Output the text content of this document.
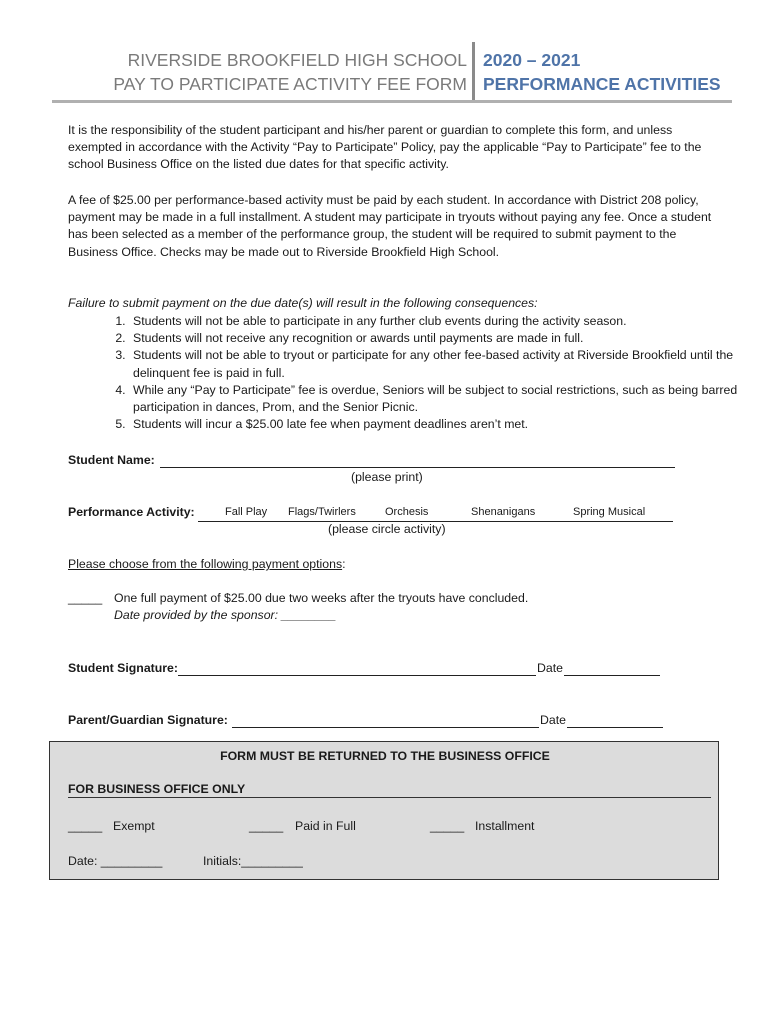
RIVERSIDE BROOKFIELD HIGH SCHOOL
PAY TO PARTICIPATE ACTIVITY FEE FORM
2020 – 2021
PERFORMANCE ACTIVITIES
It is the responsibility of the student participant and his/her parent or guardian to complete this form, and unless exempted in accordance with the Activity “Pay to Participate” Policy, pay the applicable “Pay to Participate” fee to the school Business Office on the listed due dates for that specific activity.
A fee of $25.00 per performance-based activity must be paid by each student. In accordance with District 208 policy, payment may be made in a full installment. A student may participate in tryouts without paying any fee. Once a student has been selected as a member of the performance group, the student will be required to submit payment to the Business Office. Checks may be made out to Riverside Brookfield High School.
Failure to submit payment on the due date(s) will result in the following consequences:
1. Students will not be able to participate in any further club events during the activity season.
2. Students will not receive any recognition or awards until payments are made in full.
3. Students will not be able to tryout or participate for any other fee-based activity at Riverside Brookfield until the delinquent fee is paid in full.
4. While any “Pay to Participate” fee is overdue, Seniors will be subject to social restrictions, such as being barred participation in dances, Prom, and the Senior Picnic.
5. Students will incur a $25.00 late fee when payment deadlines aren’t met.
Student Name:
(please print)
Performance Activity:	Fall Play Flags/Twirlers	Orchesis	Shenanigans	Spring Musical
(please circle activity)
Please choose from the following payment options:
_____ One full payment of $25.00 due two weeks after the tryouts have concluded.
Date provided by the sponsor: ________
Student Signature:	Date
Parent/Guardian Signature:	Date
FORM MUST BE RETURNED TO THE BUSINESS OFFICE
FOR BUSINESS OFFICE ONLY
_____ Exempt	_____ Paid in Full	_____ Installment
Date: _________	Initials:_________
